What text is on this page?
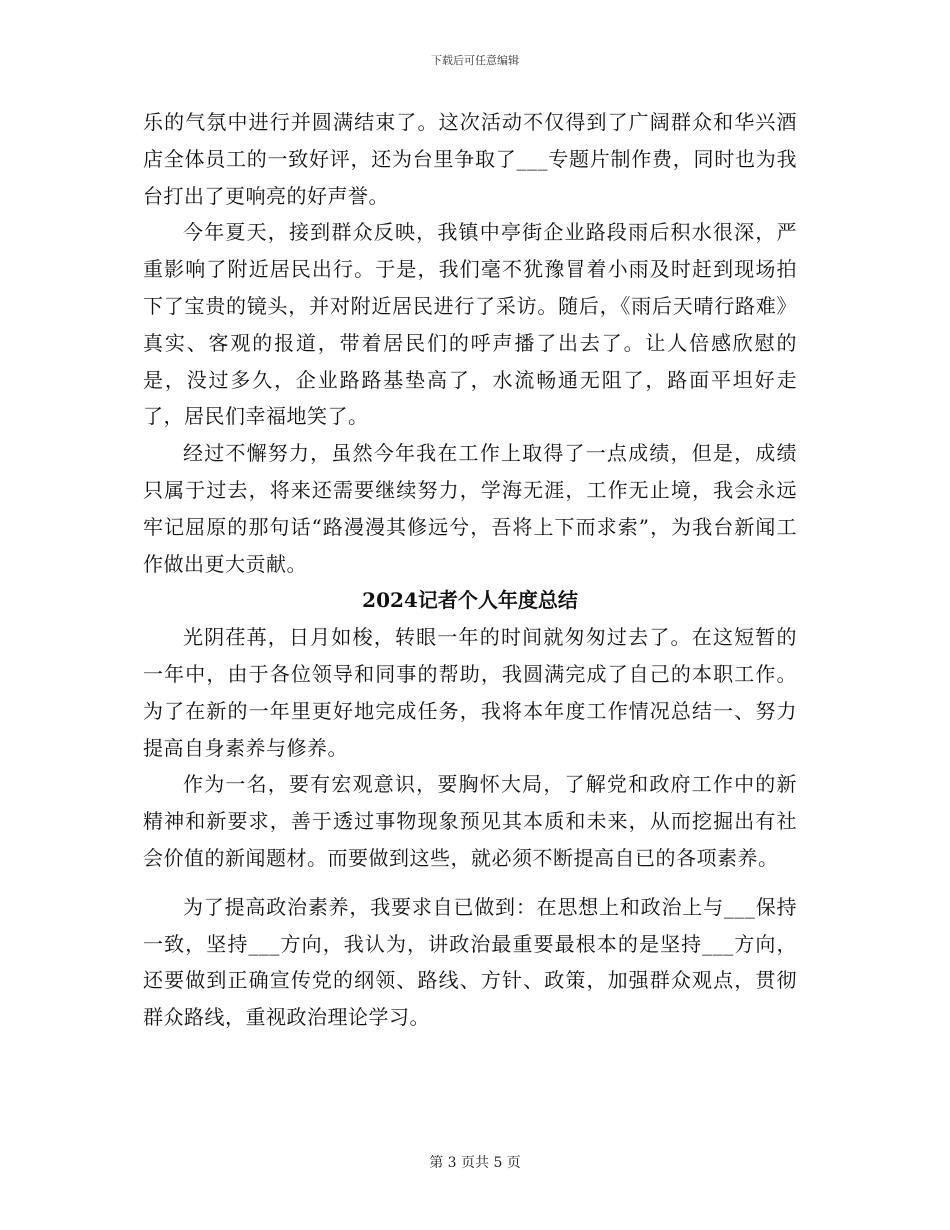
下载后可任意编辑

乐的气氛中进行并圆满结束了。这次活动不仅得到了广阔群众和华兴酒店全体员工的一致好评，还为台里争取了___专题片制作费，同时也为我台打出了更响亮的好声誉。

今年夏天，接到群众反映，我镇中亭街企业路段雨后积水很深，严重影响了附近居民出行。于是，我们毫不犹豫冒着小雨及时赶到现场拍下了宝贵的镜头，并对附近居民进行了采访。随后，《雨后天晴行路难》真实、客观的报道，带着居民们的呼声播了出去了。让人倍感欣慰的是，没过多久，企业路路基垫高了，水流畅通无阻了，路面平坦好走了，居民们幸福地笑了。

经过不懈努力，虽然今年我在工作上取得了一点成绩，但是，成绩只属于过去，将来还需要继续努力，学海无涯，工作无止境，我会永远牢记屈原的那句话“路漫漫其修远兮，吾将上下而求索”，为我台新闻工作做出更大贡献。

2024记者个人年度总结

光阴荏苒，日月如梭，转眼一年的时间就匆匆过去了。在这短暂的一年中，由于各位领导和同事的帮助，我圆满完成了自己的本职工作。为了在新的一年里更好地完成任务，我将本年度工作情况总结一、努力提高自身素养与修养。

作为一名，要有宏观意识，要胸怀大局，了解党和政府工作中的新精神和新要求，善于透过事物现象预见其本质和未来，从而挖掘出有社会价值的新闻题材。而要做到这些，就必须不断提高自已的各项素养。

为了提高政治素养，我要求自已做到：在思想上和政治上与___保持一致，坚持___方向，我认为，讲政治最重要最根本的是坚持___方向，还要做到正确宣传党的纲领、路线、方针、政策，加强群众观点，贯彻群众路线，重视政治理论学习。

第 3 页共 5 页
